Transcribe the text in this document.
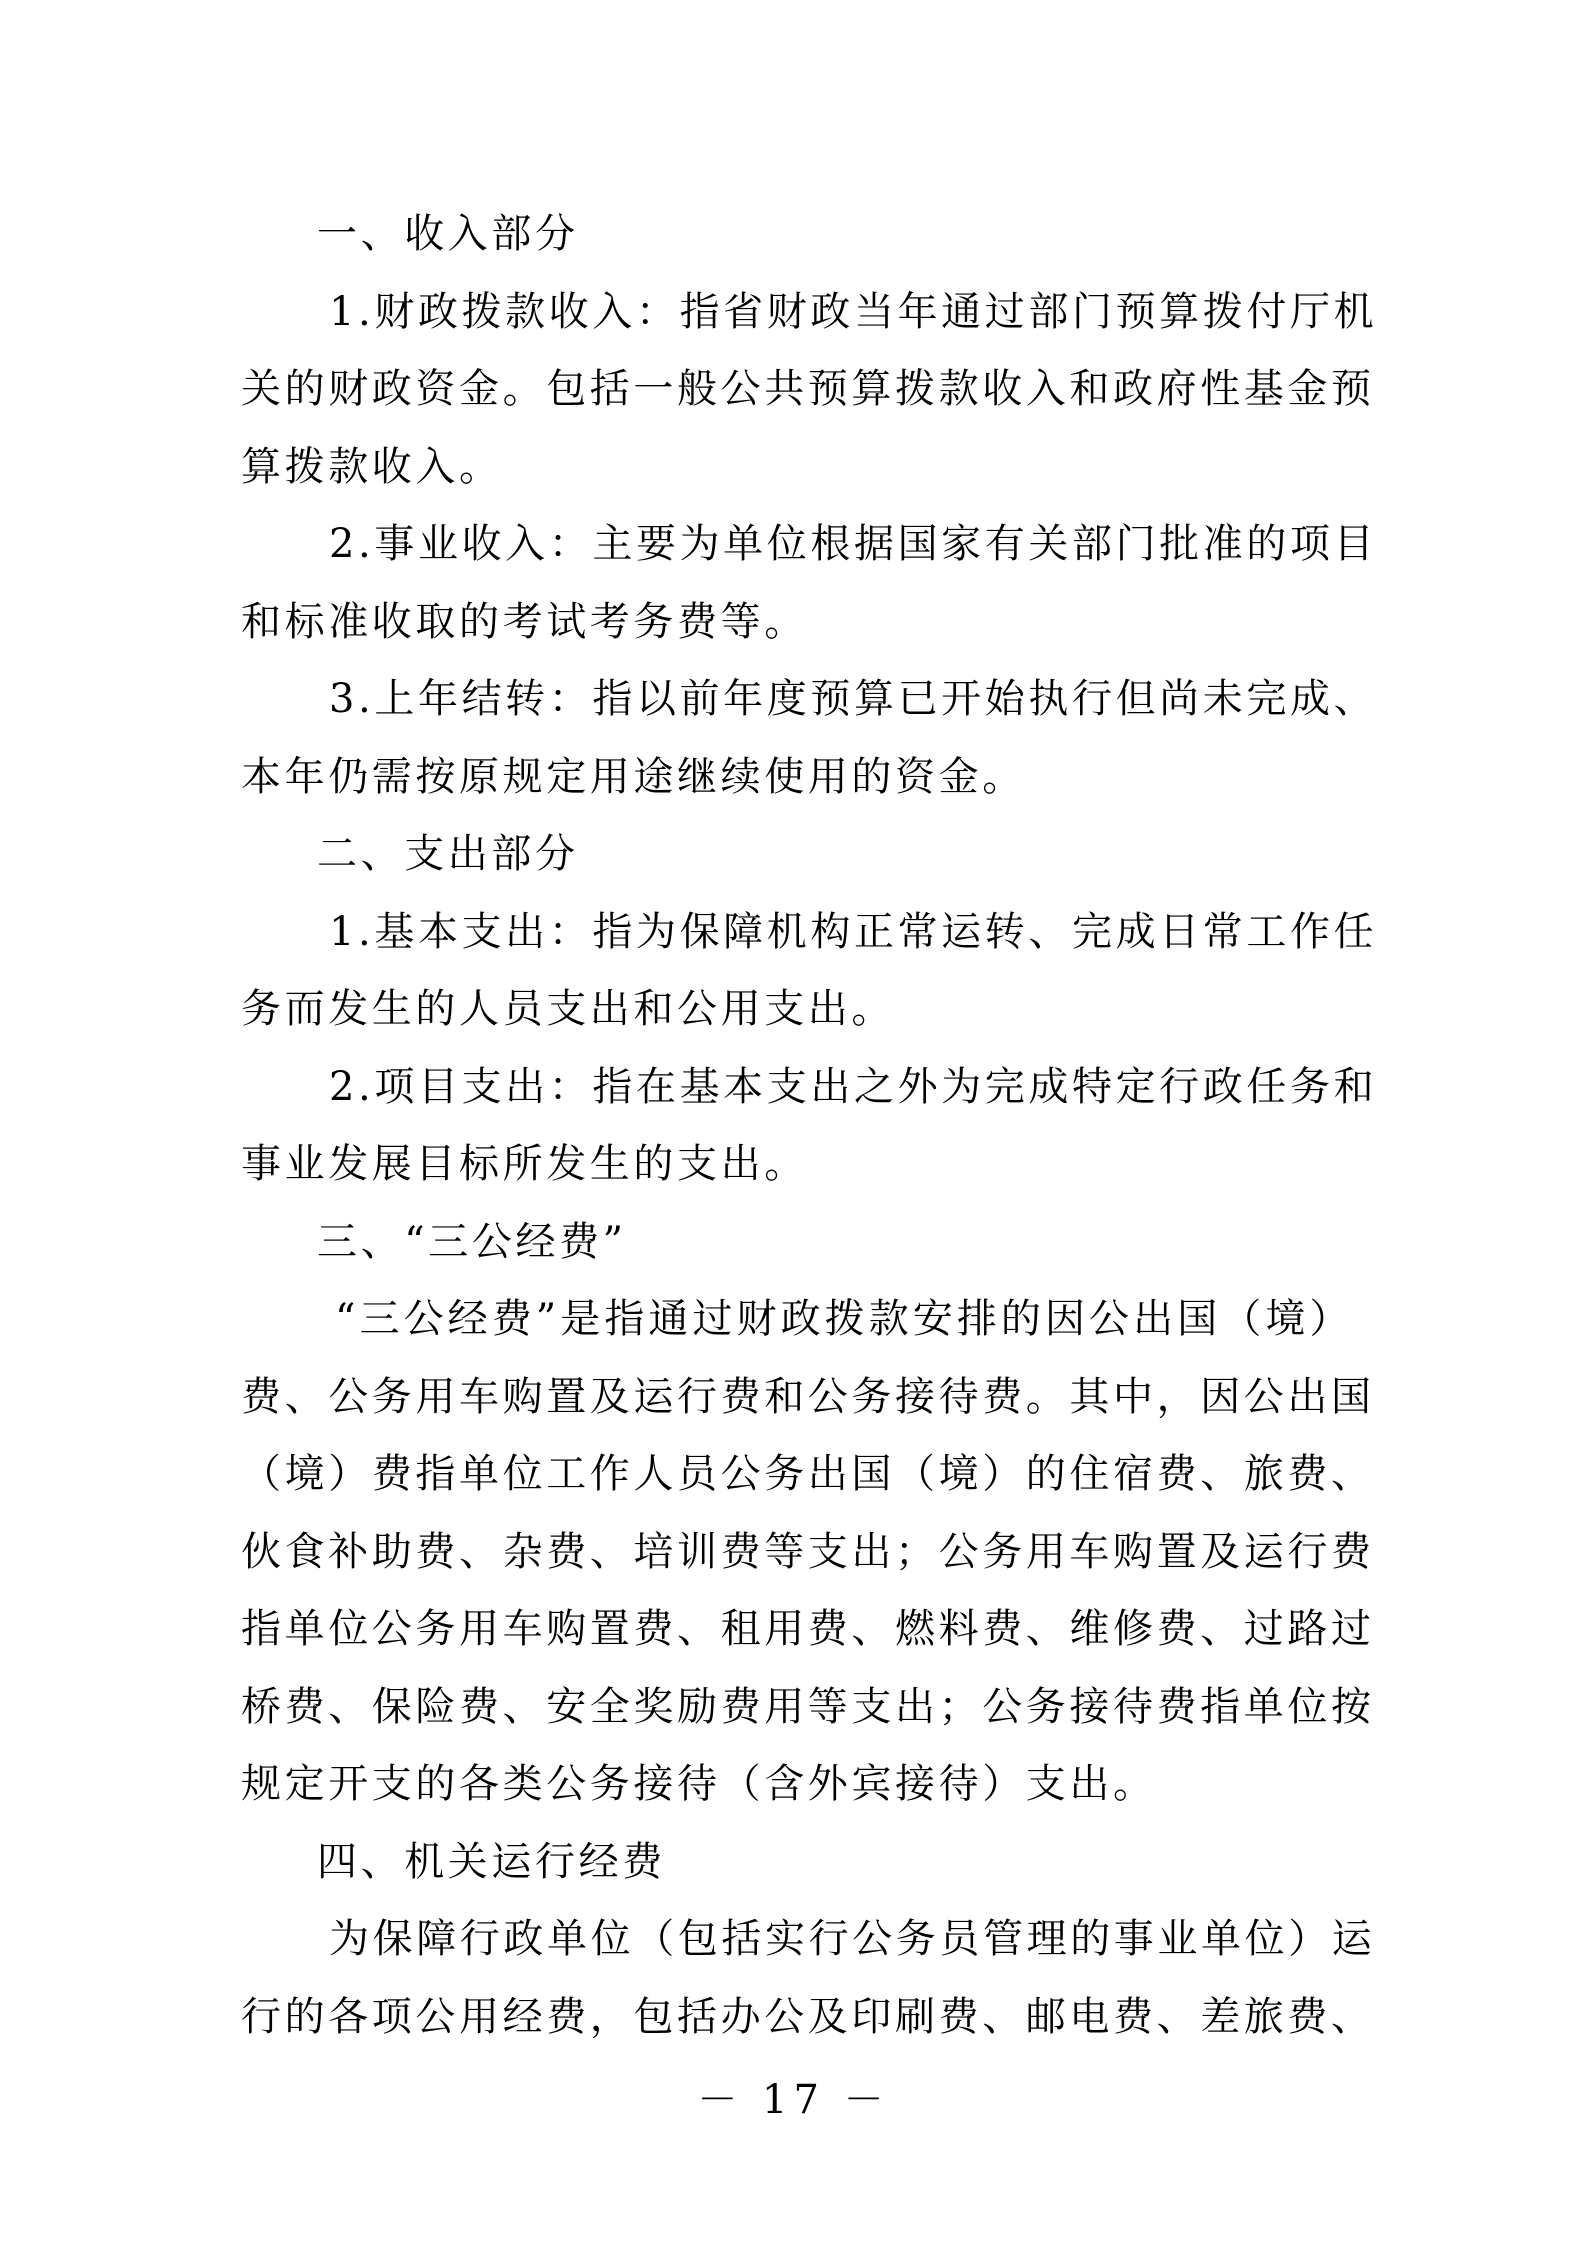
一、收入部分
1.财政拨款收入：指省财政当年通过部门预算拨付厅机
关的财政资金。包括一般公共预算拨款收入和政府性基金预
算拨款收入。
2.事业收入：主要为单位根据国家有关部门批准的项目
和标准收取的考试考务费等。
3.上年结转：指以前年度预算已开始执行但尚未完成、
本年仍需按原规定用途继续使用的资金。
二、支出部分
1.基本支出：指为保障机构正常运转、完成日常工作任
务而发生的人员支出和公用支出。
2.项目支出：指在基本支出之外为完成特定行政任务和
事业发展目标所发生的支出。
三、“三公经费”
“三公经费”是指通过财政拨款安排的因公出国（境）
费、公务用车购置及运行费和公务接待费。其中，因公出国
（境）费指单位工作人员公务出国（境）的住宿费、旅费、
伙食补助费、杂费、培训费等支出；公务用车购置及运行费
指单位公务用车购置费、租用费、燃料费、维修费、过路过
桥费、保险费、安全奖励费用等支出；公务接待费指单位按
规定开支的各类公务接待（含外宾接待）支出。
四、机关运行经费
为保障行政单位（包括实行公务员管理的事业单位）运
行的各项公用经费，包括办公及印刷费、邮电费、差旅费、
－ 17 －
